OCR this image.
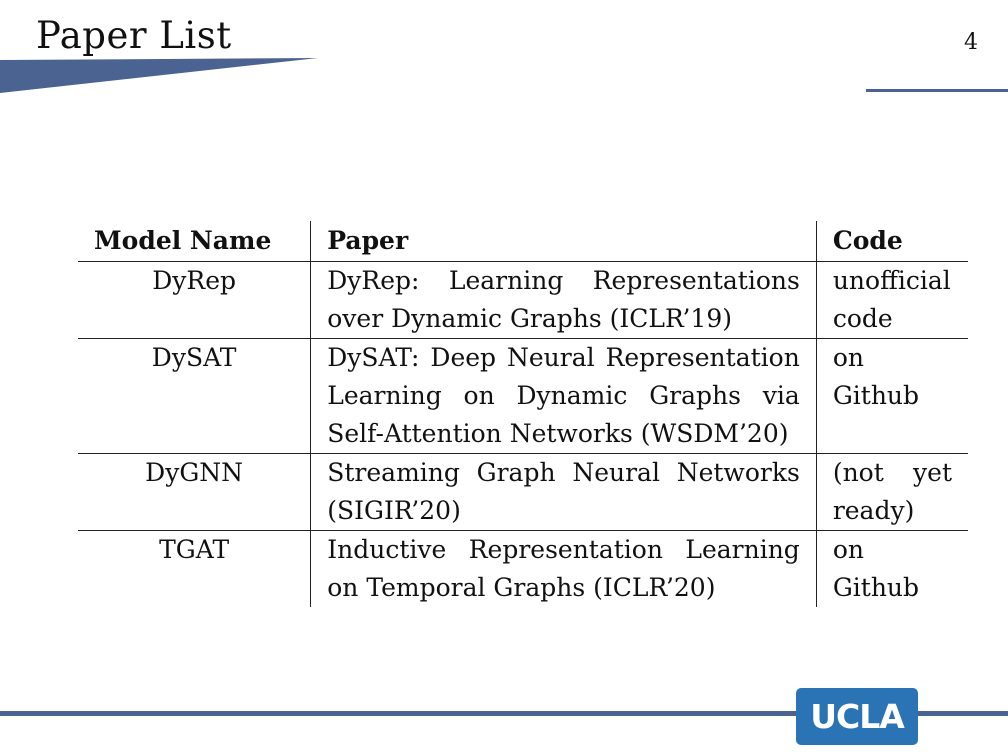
Paper List	4
Model Name	Paper	Code
DyRep	DyRep: Learning Representations over Dynamic Graphs (ICLR’19)	unofficial code
DySAT	DySAT: Deep Neural Representation Learning on Dynamic Graphs via Self-Attention Networks (WSDM’20)	on Github
DyGNN	Streaming Graph Neural Networks (SIGIR’20)	(not yet ready)
TGAT	Inductive Representation Learning on Temporal Graphs (ICLR’20)	on Github
UCLA
